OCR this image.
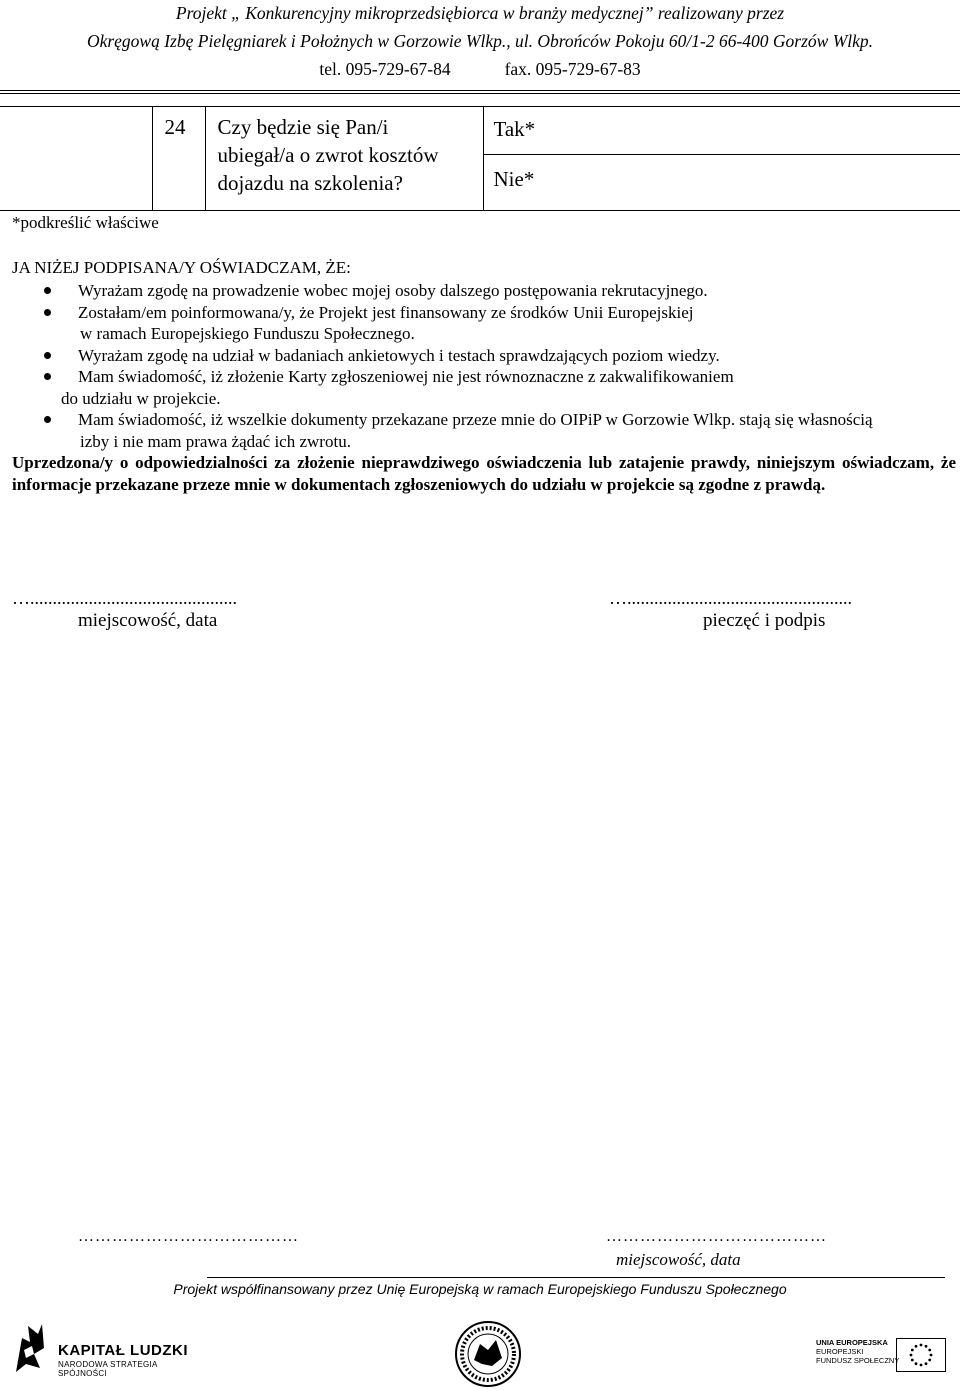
Projekt „ Konkurencyjny mikroprzedsiębiorca w branży medycznej” realizowany przez
Okręgową Izbę Pielęgniarek i Położnych w Gorzowie Wlkp., ul. Obrońców Pokoju 60/1-2 66-400 Gorzów Wlkp.
tel. 095-729-67-84	fax. 095-729-67-83
	24	Czy będzie się Pan/i
ubiegał/a o zwrot kosztów
dojazdu na szkolenia?
	Tak*
Nie*
*podkreślić właściwe
JA NIŻEJ PODPISANA/Y OŚWIADCZAM, ŻE:
Wyrażam zgodę na prowadzenie wobec mojej osoby dalszego postępowania rekrutacyjnego.
Zostałam/em poinformowana/y, że Projekt jest finansowany ze środków Unii Europejskiej
w ramach Europejskiego Funduszu Społecznego.
Wyrażam zgodę na udział w badaniach ankietowych i testach sprawdzających poziom wiedzy.
Mam świadomość, iż złożenie Karty zgłoszeniowej nie jest równoznaczne z zakwalifikowaniem
do udziału w projekcie.
Mam świadomość, iż wszelkie dokumenty przekazane przeze mnie do OIPiP w Gorzowie Wlkp. stają się własnością
izby i nie mam prawa żądać ich zwrotu.
Uprzedzona/y o odpowiedzialności za złożenie nieprawdziwego oświadczenia lub zatajenie prawdy, niniejszym oświadczam, że informacje przekazane przeze mnie w dokumentach zgłoszeniowych do udziału w projekcie są zgodne z prawdą.
…..............................................
miejscowość, data
…..................................................
pieczęć i podpis
…………………………………	…………………………………
miejscowość, data
Projekt współfinansowany przez Unię Europejską w ramach Europejskiego Funduszu Społecznego
KAPITAŁ LUDZKI
NARODOWA STRATEGIA SPÓJNOŚCI
UNIA EUROPEJSKA
EUROPEJSKI
FUNDUSZ SPOŁECZNY
